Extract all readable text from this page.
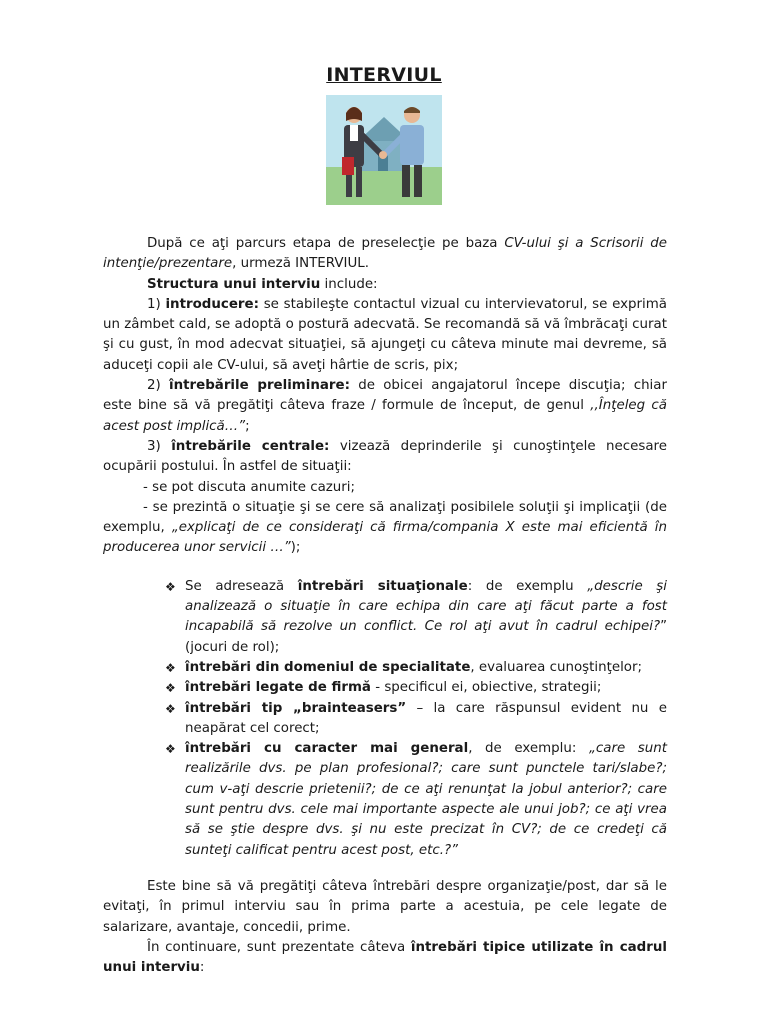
INTERVIUL

După ce aţi parcurs etapa de preselecţie pe baza CV-ului şi a Scrisorii de intenţie/prezentare, urmeză INTERVIUL.

Structura unui interviu include:

1) introducere: se stabileşte contactul vizual cu intervievatorul, se exprimă un zâmbet cald, se adoptă o postură adecvată. Se recomandă să vă îmbrăcaţi curat şi cu gust, în mod adecvat situaţiei, să ajungeţi cu câteva minute mai devreme, să aduceţi copii ale CV-ului, să aveţi hârtie de scris, pix;

2) întrebările preliminare: de obicei angajatorul începe discuţia; chiar este bine să vă pregătiţi câteva fraze / formule de început, de genul ,,Înţeleg că acest post implică…”;

3) întrebările centrale: vizează deprinderile şi cunoştinţele necesare ocupării postului. În astfel de situaţii:

- se pot discuta anumite cazuri;

- se prezintă o situaţie şi se cere să analizaţi posibilele soluţii şi implicaţii (de exemplu, „explicaţi de ce consideraţi că firma/compania X este mai eficientă în producerea unor servicii …”);

❖ Se adresează întrebări situaţionale: de exemplu „descrie şi analizează o situaţie în care echipa din care aţi făcut parte a fost incapabilă să rezolve un conflict. Ce rol aţi avut în cadrul echipei?” (jocuri de rol);
❖ întrebări din domeniul de specialitate, evaluarea cunoştinţelor;
❖ întrebări legate de firmă - specificul ei, obiective, strategii;
❖ întrebări tip „brainteasers” – la care răspunsul evident nu e neapărat cel corect;
❖ întrebări cu caracter mai general, de exemplu: „care sunt realizările dvs. pe plan profesional?; care sunt punctele tari/slabe?; cum v-aţi descrie prietenii?; de ce aţi renunţat la jobul anterior?; care sunt pentru dvs. cele mai importante aspecte ale unui job?; ce aţi vrea să se ştie despre dvs. şi nu este precizat în CV?; de ce credeţi că sunteţi calificat pentru acest post, etc.?”

Este bine să vă pregătiţi câteva întrebări despre organizaţie/post, dar să le evitaţi, în primul interviu sau în prima parte a acestuia, pe cele legate de salarizare, avantaje, concedii, prime.

În continuare, sunt prezentate câteva întrebări tipice utilizate în cadrul unui interviu:
